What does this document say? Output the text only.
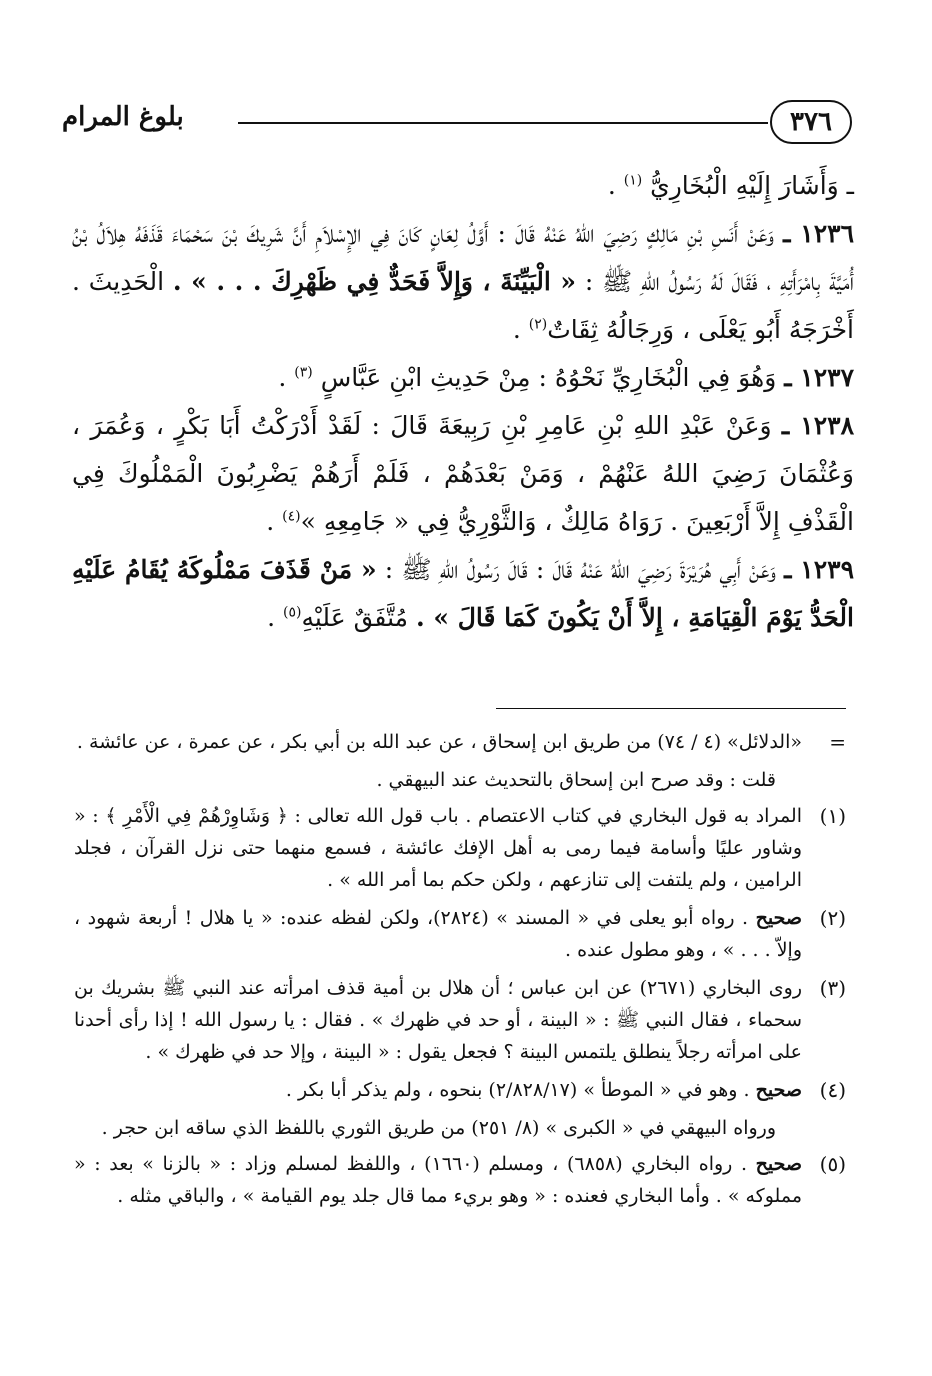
٣٧٦
بلوغ المرام

ـ وَأَشَارَ إِلَيْهِ الْبُخَارِيُّ $^{(١)}$ .

١٢٣٦ ـ وَعَنْ أَنَسِ بْنِ مَالِكٍ رَضِيَ اللهُ عَنْهُ قَالَ : أَوَّلُ لِعَانٍ كَانَ فِي الإِسْلاَمِ أَنَّ شَرِيكَ بْنَ سَحْمَاءَ قَذَفَهُ هِلاَلُ بْنُ أُمَيَّةَ بِامْرَأَتِهِ ، فَقَالَ لَهُ رَسُولُ اللهِ ﷺ : « الْبَيِّنَةَ ، وَإِلاَّ فَحَدٌّ فِي ظَهْرِكَ . . . » . الْحَدِيثَ . أَخْرَجَهُ أَبُو يَعْلَى ، وَرِجَالُهُ ثِقَاتٌ$^{(٢)}$ .

١٢٣٧ ـ وَهُوَ فِي الْبُخَارِيِّ نَحْوُهُ : مِنْ حَدِيثِ ابْنِ عَبَّاسٍ $^{(٣)}$ .

١٢٣٨ ـ وَعَنْ عَبْدِ اللهِ بْنِ عَامِرِ بْنِ رَبِيعَةَ قَالَ : لَقَدْ أَدْرَكْتُ أَبَا بَكْرٍ ، وَعُمَرَ ، وَعُثْمَانَ رَضِيَ اللهُ عَنْهُمْ ، وَمَنْ بَعْدَهُمْ ، فَلَمْ أَرَهُمْ يَضْرِبُونَ الْمَمْلُوكَ فِي الْقَذْفِ إِلاَّ أَرْبَعِينَ . رَوَاهُ مَالِكٌ ، وَالثَّوْرِيُّ فِي « جَامِعِهِ »$^{(٤)}$ .

١٢٣٩ ـ وَعَنْ أَبِي هُرَيْرَةَ رَضِيَ اللهُ عَنْهُ قَالَ : قَالَ رَسُولُ اللهِ ﷺ : « مَنْ قَذَفَ مَمْلُوكَهُ يُقَامُ عَلَيْهِ الْحَدُّ يَوْمَ الْقِيَامَةِ ، إِلاَّ أَنْ يَكُونَ كَمَا قَالَ » . مُتَّفَقٌ عَلَيْهِ$^{(٥)}$ .

=
«الدلائل» (٤ / ٧٤) من طريق ابن إسحاق ، عن عبد الله بن أبي بكر ، عن عمرة ، عن عائشة .

قلت : وقد صرح ابن إسحاق بالتحديث عند البيهقي .

(١)
المراد به قول البخاري في كتاب الاعتصام . باب قول الله تعالى : ﴿ وَشَاوِرْهُمْ فِي الْأَمْرِ ﴾ : « وشاور عليًا وأسامة فيما رمى به أهل الإفك عائشة ، فسمع منهما حتى نزل القرآن ، فجلد الرامين ، ولم يلتفت إلى تنازعهم ، ولكن حكم بما أمر الله » .
(٢)
صحيح . رواه أبو يعلى في « المسند » (٢٨٢٤)، ولكن لفظه عنده: « يا هلال ! أربعة شهود ، وإلاّ . . . » ، وهو مطول عنده .
(٣)
روى البخاري (٢٦٧١) عن ابن عباس ؛ أن هلال بن أمية قذف امرأته عند النبي ﷺ بشريك بن سحماء ، فقال النبي ﷺ : « البينة ، أو حد في ظهرك » . فقال : يا رسول الله ! إذا رأى أحدنا على امرأته رجلاً ينطلق يلتمس البينة ؟ فجعل يقول : « البينة ، وإلا حد في ظهرك » .
(٤)
صحيح . وهو في « الموطأ » (٢/٨٢٨/١٧) بنحوه ، ولم يذكر أبا بكر .

ورواه البيهقي في « الكبرى » (٨/ ٢٥١) من طريق الثوري باللفظ الذي ساقه ابن حجر .

(٥)
صحيح . رواه البخاري (٦٨٥٨) ، ومسلم (١٦٦٠) ، واللفظ لمسلم وزاد : « بالزنا » بعد : « مملوكه » . وأما البخاري فعنده : « وهو بريء مما قال جلد يوم القيامة » ، والباقي مثله .
